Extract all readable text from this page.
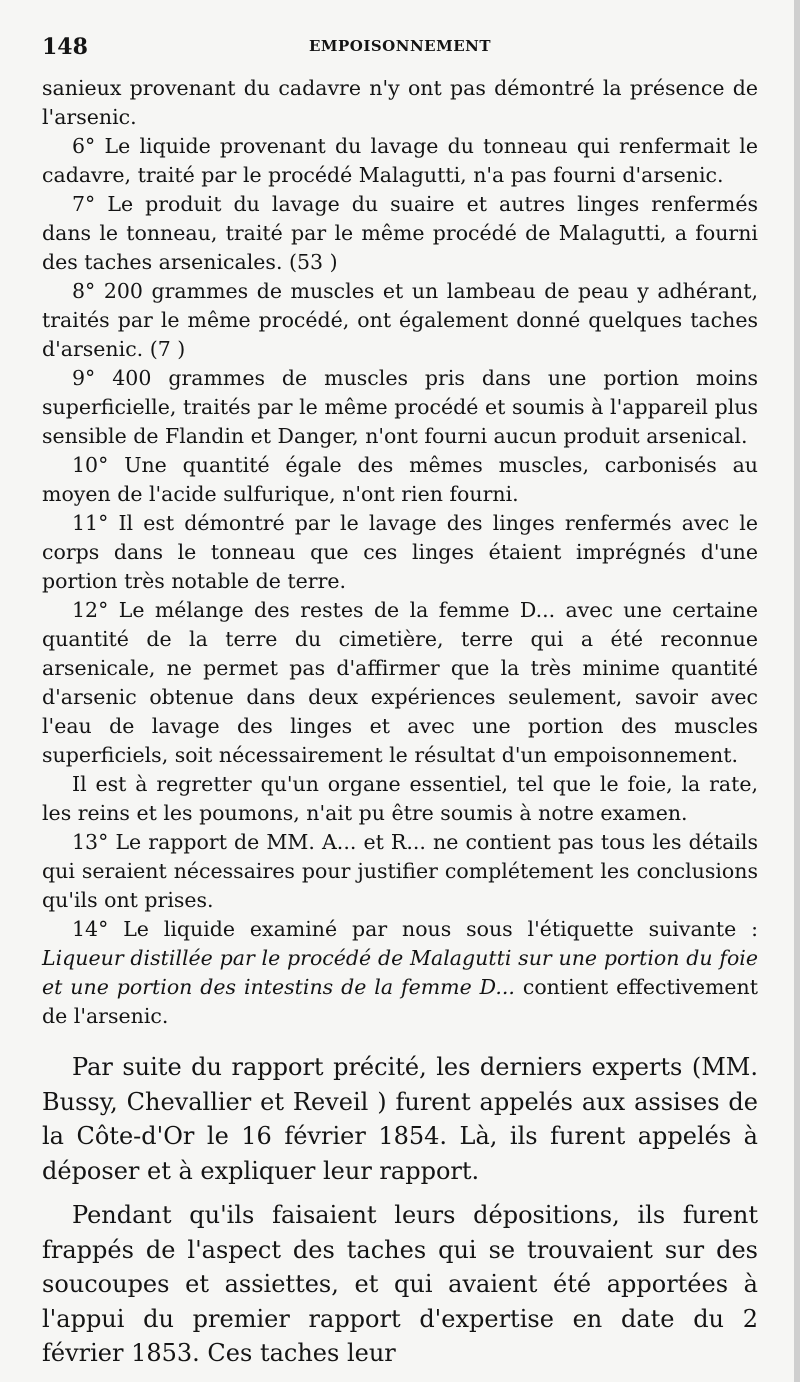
148	EMPOISONNEMENT

sanieux provenant du cadavre n'y ont pas démontré la présence de l'arsenic.

6° Le liquide provenant du lavage du tonneau qui renfermait le cadavre, traité par le procédé Malagutti, n'a pas fourni d'arsenic.

7° Le produit du lavage du suaire et autres linges renfermés dans le tonneau, traité par le même procédé de Malagutti, a fourni des taches arsenicales. (53 )

8° 200 grammes de muscles et un lambeau de peau y adhérant, traités par le même procédé, ont également donné quelques taches d'arsenic. (7 )

9° 400 grammes de muscles pris dans une portion moins superficielle, traités par le même procédé et soumis à l'appareil plus sensible de Flandin et Danger, n'ont fourni aucun produit arsenical.

10° Une quantité égale des mêmes muscles, carbonisés au moyen de l'acide sulfurique, n'ont rien fourni.

11° Il est démontré par le lavage des linges renfermés avec le corps dans le tonneau que ces linges étaient imprégnés d'une portion très notable de terre.

12° Le mélange des restes de la femme D... avec une certaine quantité de la terre du cimetière, terre qui a été reconnue arsenicale, ne permet pas d'affirmer que la très minime quantité d'arsenic obtenue dans deux expériences seulement, savoir avec l'eau de lavage des linges et avec une portion des muscles superficiels, soit nécessairement le résultat d'un empoisonnement.

Il est à regretter qu'un organe essentiel, tel que le foie, la rate, les reins et les poumons, n'ait pu être soumis à notre examen.

13° Le rapport de MM. A... et R... ne contient pas tous les détails qui seraient nécessaires pour justifier complétement les conclusions qu'ils ont prises.

14° Le liquide examiné par nous sous l'étiquette suivante : Liqueur distillée par le procédé de Malagutti sur une portion du foie et une portion des intestins de la femme D... contient effectivement de l'arsenic.

Par suite du rapport précité, les derniers experts (MM. Bussy, Chevallier et Reveil ) furent appelés aux assises de la Côte-d'Or le 16 février 1854. Là, ils furent appelés à déposer et à expliquer leur rapport.

Pendant qu'ils faisaient leurs dépositions, ils furent frappés de l'aspect des taches qui se trouvaient sur des soucoupes et assiettes, et qui avaient été apportées à l'appui du premier rapport d'expertise en date du 2 février 1853. Ces taches leur
